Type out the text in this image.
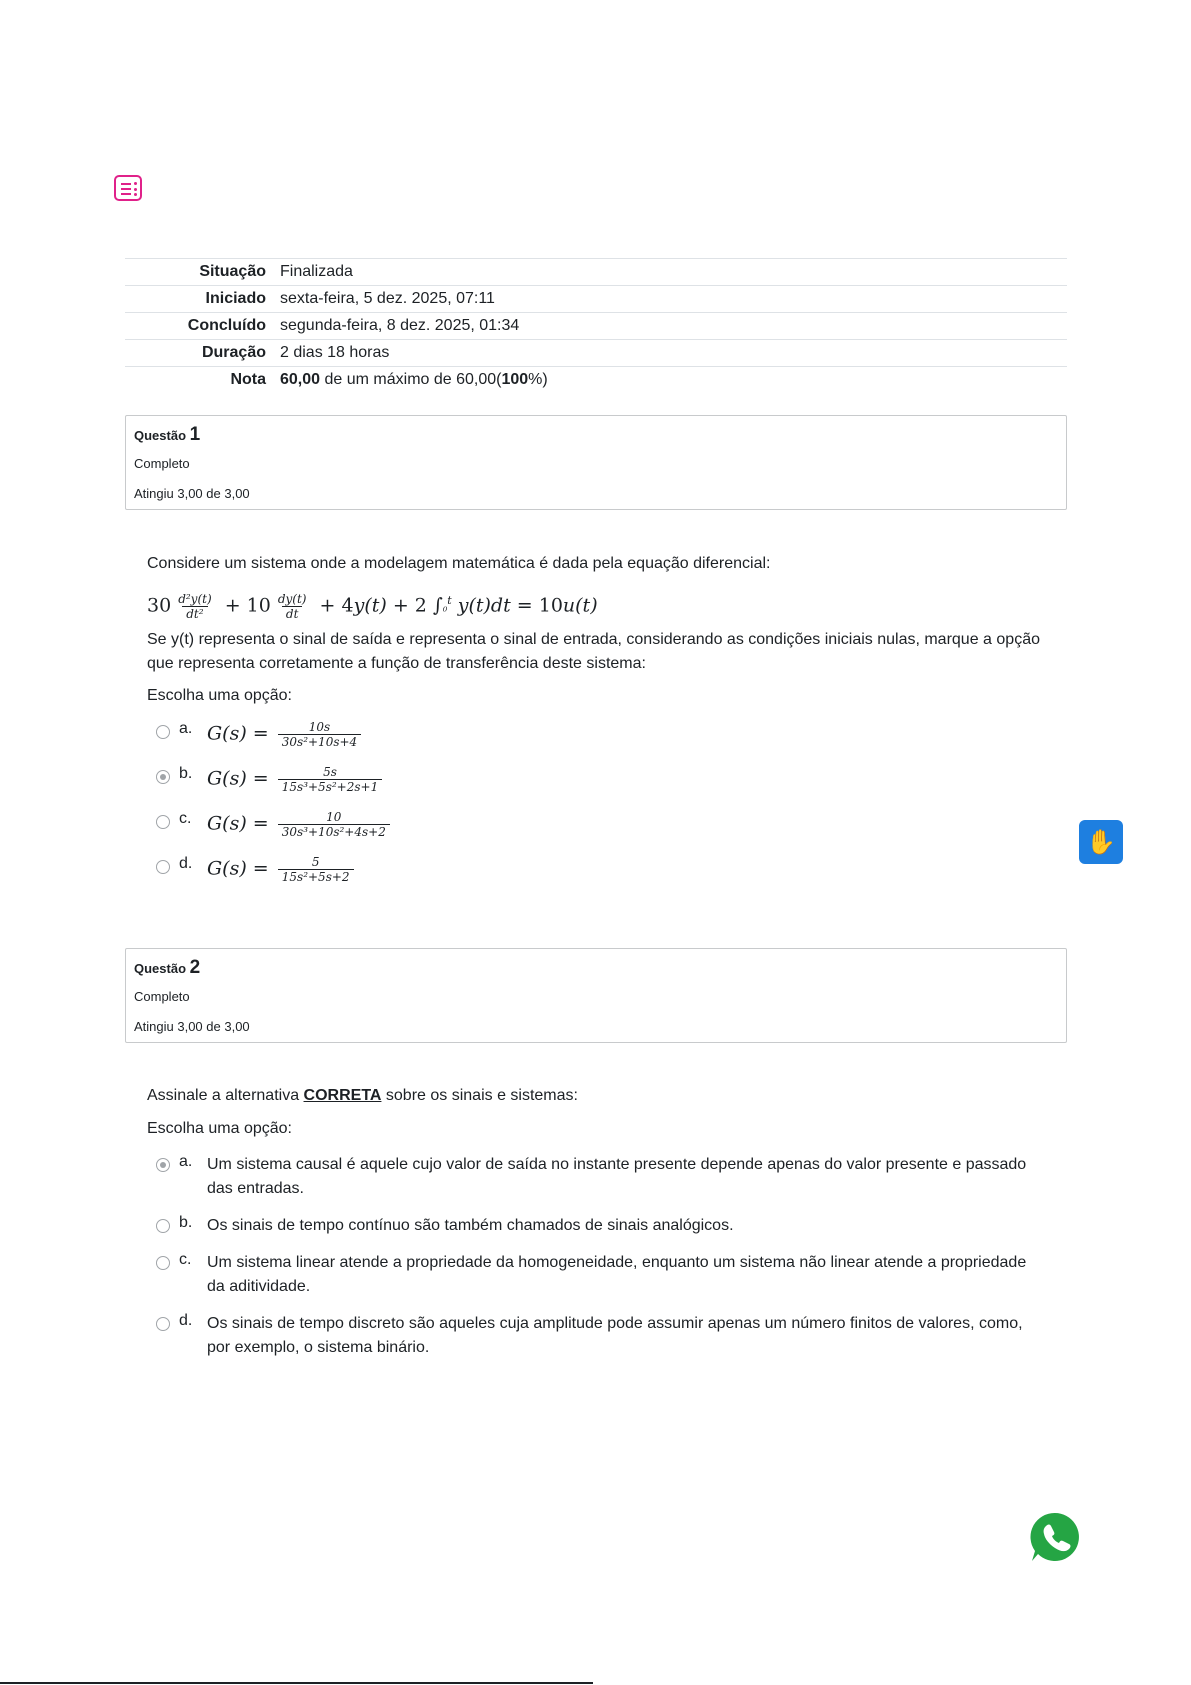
Situação	Finalizada
Iniciado	sexta-feira, 5 dez. 2025, 07:11
Concluído	segunda-feira, 8 dez. 2025, 01:34
Duração	2 dias 18 horas
Nota	60,00 de um máximo de 60,00(100%)
Questão 1
Completo
Atingiu 3,00 de 3,00
Considere um sistema onde a modelagem matemática é dada pela equação diferencial:
$30 \frac{\text{d²y(t)}}{\text{dt²}} + 10 \frac{dy(t)}{dt} + 4y(t) + 2$ ∫₀$^t$ y(t)dt = 10u(t)
Se y(t) representa o sinal de saída e representa o sinal de entrada, considerando as condições iniciais nulas, marque a opção que representa corretamente a função de transferência deste sistema:
Escolha uma opção:
a. $G(s) = \frac{10s}{\text{30s²+10s+4}}$
b. $G(s) = \frac{5s}{\text{15s³+5s²+2s+1}}$
c. $G(s) = \frac{10}{\text{30s³+10s²+4s+2}}$
d. $G(s) = \frac{5}{\text{15s²+5s+2}}$
Questão 2
Completo
Atingiu 3,00 de 3,00
Assinale a alternativa CORRETA sobre os sinais e sistemas:
Escolha uma opção:
a. Um sistema causal é aquele cujo valor de saída no instante presente depende apenas do valor presente e passado das entradas.
b. Os sinais de tempo contínuo são também chamados de sinais analógicos.
c. Um sistema linear atende a propriedade da homogeneidade, enquanto um sistema não linear atende a propriedade da aditividade.
d. Os sinais de tempo discreto são aqueles cuja amplitude pode assumir apenas um número finitos de valores, como, por exemplo, o sistema binário.
✋
